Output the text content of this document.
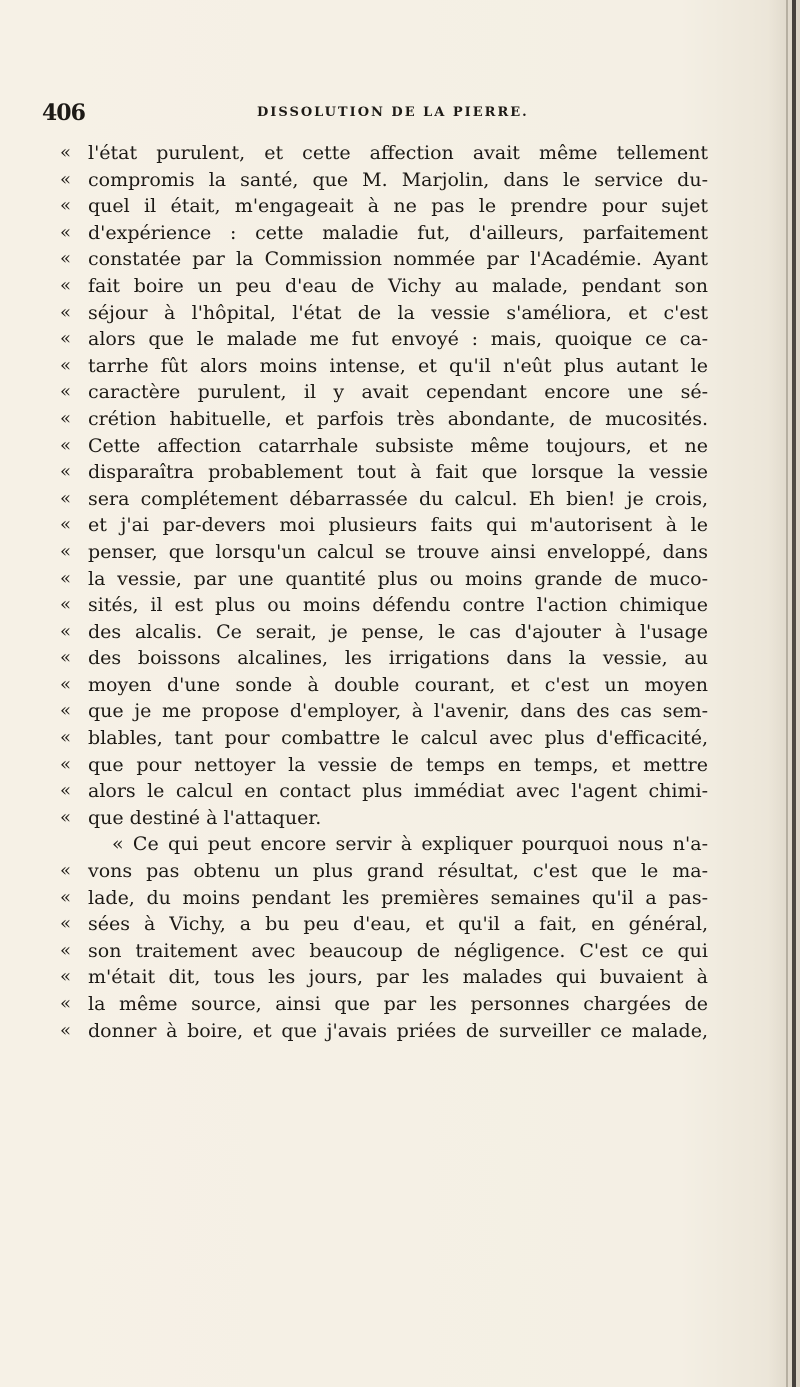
406	DISSOLUTION DE LA PIERRE.
« l'état purulent, et cette affection avait même tellement
« compromis la santé, que M. Marjolin, dans le service du-
« quel il était, m'engageait à ne pas le prendre pour sujet
« d'expérience : cette maladie fut, d'ailleurs, parfaitement
« constatée par la Commission nommée par l'Académie. Ayant
« fait boire un peu d'eau de Vichy au malade, pendant son
« séjour à l'hôpital, l'état de la vessie s'améliora, et c'est
« alors que le malade me fut envoyé : mais, quoique ce ca-
« tarrhe fût alors moins intense, et qu'il n'eût plus autant le
« caractère purulent, il y avait cependant encore une sé-
« crétion habituelle, et parfois très abondante, de mucosités.
« Cette affection catarrhale subsiste même toujours, et ne
« disparaîtra probablement tout à fait que lorsque la vessie
« sera complétement débarrassée du calcul. Eh bien! je crois,
« et j'ai par-devers moi plusieurs faits qui m'autorisent à le
« penser, que lorsqu'un calcul se trouve ainsi enveloppé, dans
« la vessie, par une quantité plus ou moins grande de muco-
« sités, il est plus ou moins défendu contre l'action chimique
« des alcalis. Ce serait, je pense, le cas d'ajouter à l'usage
« des boissons alcalines, les irrigations dans la vessie, au
« moyen d'une sonde à double courant, et c'est un moyen
« que je me propose d'employer, à l'avenir, dans des cas sem-
« blables, tant pour combattre le calcul avec plus d'efficacité,
« que pour nettoyer la vessie de temps en temps, et mettre
« alors le calcul en contact plus immédiat avec l'agent chimi-
« que destiné à l'attaquer.
« Ce qui peut encore servir à expliquer pourquoi nous n'a-
« vons pas obtenu un plus grand résultat, c'est que le ma-
« lade, du moins pendant les premières semaines qu'il a pas-
« sées à Vichy, a bu peu d'eau, et qu'il a fait, en général,
« son traitement avec beaucoup de négligence. C'est ce qui
« m'était dit, tous les jours, par les malades qui buvaient à
« la même source, ainsi que par les personnes chargées de
« donner à boire, et que j'avais priées de surveiller ce malade,
